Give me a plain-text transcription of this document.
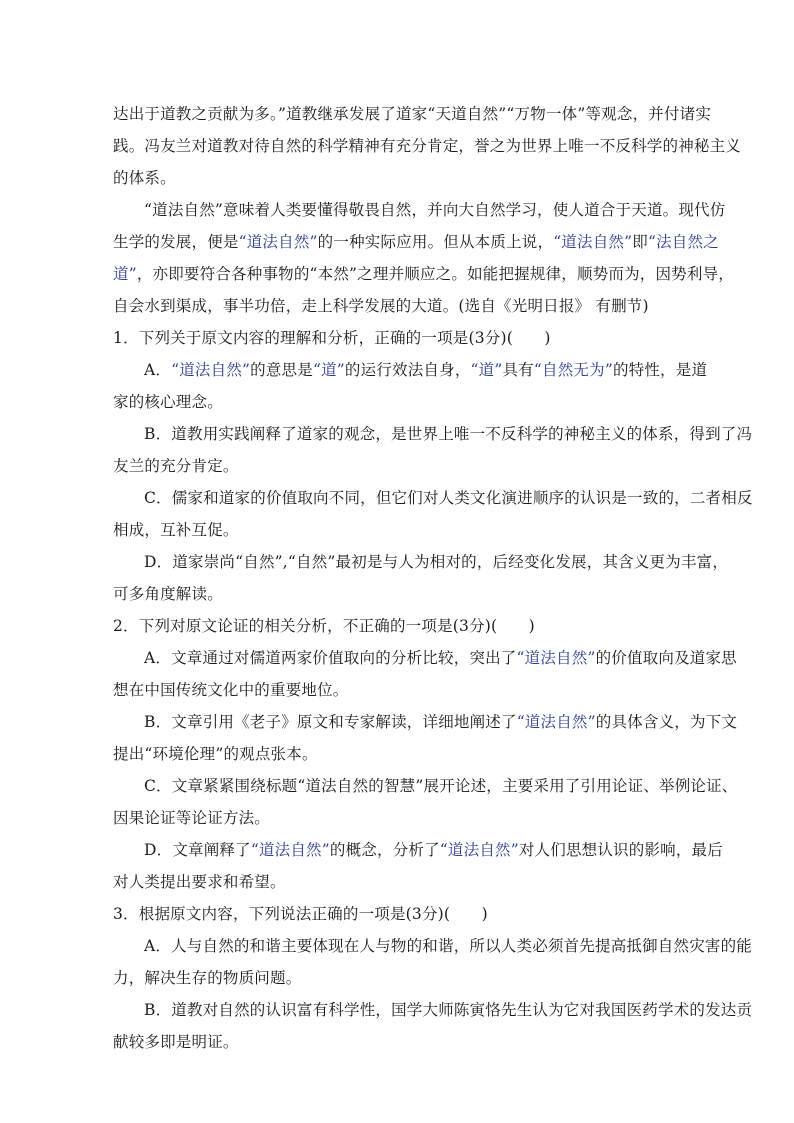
达出于道教之贡献为多。”道教继承发展了道家“天道自然”“万物一体”等观念，并付诸实
践。冯友兰对道教对待自然的科学精神有充分肯定，誉之为世界上唯一不反科学的神秘主义
的体系。
“道法自然”意味着人类要懂得敬畏自然，并向大自然学习，使人道合于天道。现代仿
生学的发展，便是“道法自然”的一种实际应用。但从本质上说，“道法自然”即“法自然之
道”，亦即要符合各种事物的“本然”之理并顺应之。如能把握规律，顺势而为，因势利导，
自会水到渠成，事半功倍，走上科学发展的大道。(选自《光明日报》 有删节)
1．下列关于原文内容的理解和分析，正确的一项是(3分)(　　)
A．“道法自然”的意思是“道”的运行效法自身，“道”具有“自然无为”的特性，是道
家的核心理念。
B．道教用实践阐释了道家的观念，是世界上唯一不反科学的神秘主义的体系，得到了冯
友兰的充分肯定。
C．儒家和道家的价值取向不同，但它们对人类文化演进顺序的认识是一致的，二者相反
相成，互补互促。
D．道家崇尚“自然”,“自然”最初是与人为相对的，后经变化发展，其含义更为丰富，
可多角度解读。
2．下列对原文论证的相关分析，不正确的一项是(3分)(　　)
A．文章通过对儒道两家价值取向的分析比较，突出了“道法自然”的价值取向及道家思
想在中国传统文化中的重要地位。
B．文章引用《老子》原文和专家解读，详细地阐述了“道法自然”的具体含义，为下文
提出“环境伦理”的观点张本。
C．文章紧紧围绕标题“道法自然的智慧”展开论述，主要采用了引用论证、举例论证、
因果论证等论证方法。
D．文章阐释了“道法自然”的概念，分析了“道法自然”对人们思想认识的影响，最后
对人类提出要求和希望。
3．根据原文内容，下列说法正确的一项是(3分)(　　)
A．人与自然的和谐主要体现在人与物的和谐，所以人类必须首先提高抵御自然灾害的能
力，解决生存的物质问题。
B．道教对自然的认识富有科学性，国学大师陈寅恪先生认为它对我国医药学术的发达贡
献较多即是明证。
